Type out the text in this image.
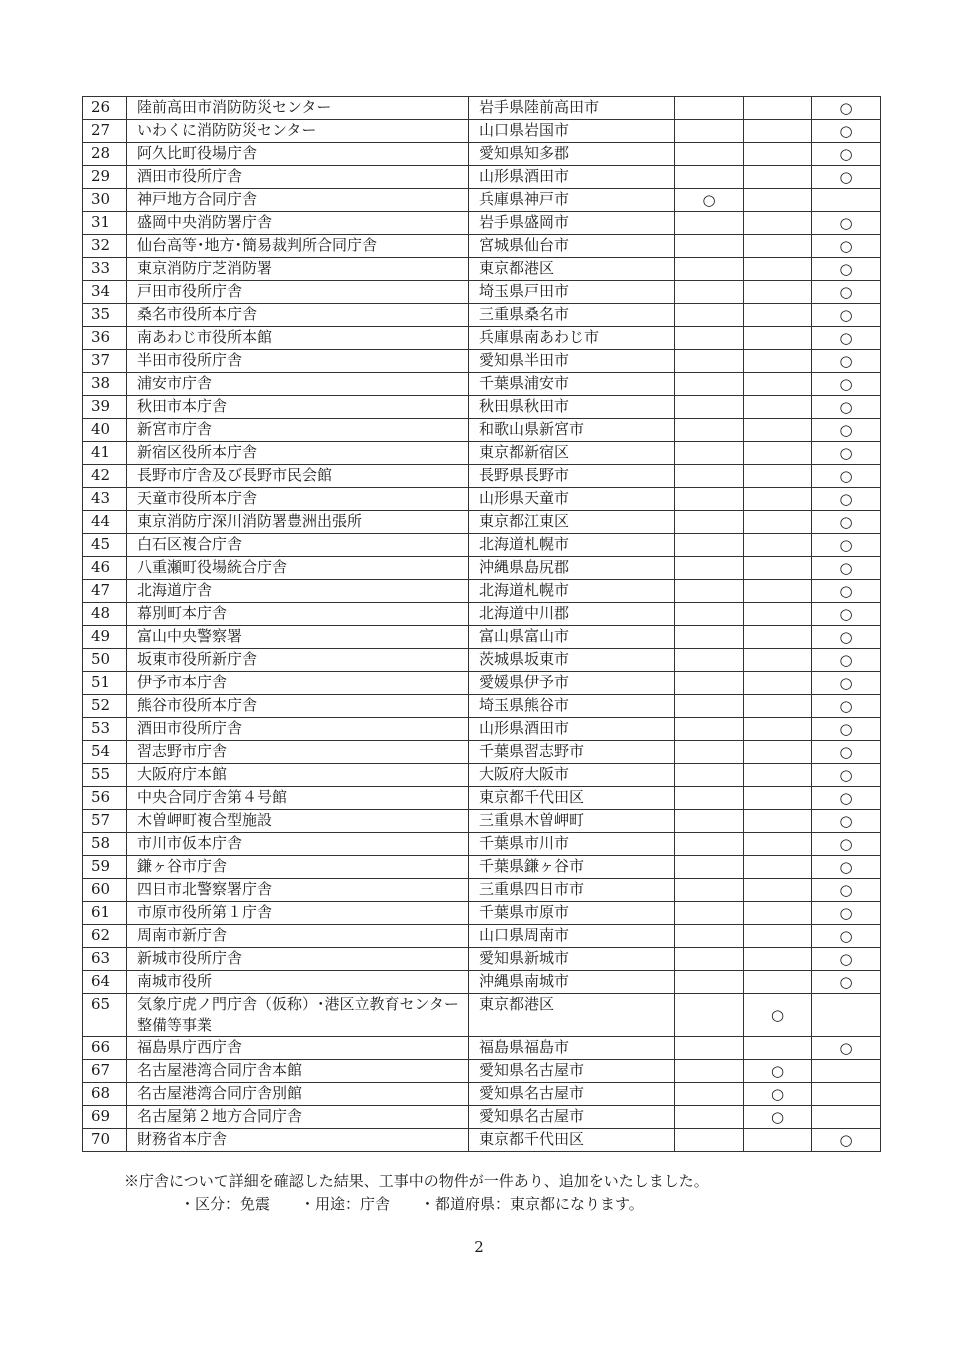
26	陸前高田市消防防災センター	岩手県陸前高田市			○
27	いわくに消防防災センター	山口県岩国市			○
28	阿久比町役場庁舎	愛知県知多郡			○
29	酒田市役所庁舎	山形県酒田市			○
30	神戸地方合同庁舎	兵庫県神戸市	○		
31	盛岡中央消防署庁舎	岩手県盛岡市			○
32	仙台高等･地方･簡易裁判所合同庁舎	宮城県仙台市			○
33	東京消防庁芝消防署	東京都港区			○
34	戸田市役所庁舎	埼玉県戸田市			○
35	桑名市役所本庁舎	三重県桑名市			○
36	南あわじ市役所本館	兵庫県南あわじ市			○
37	半田市役所庁舎	愛知県半田市			○
38	浦安市庁舎	千葉県浦安市			○
39	秋田市本庁舎	秋田県秋田市			○
40	新宮市庁舎	和歌山県新宮市			○
41	新宿区役所本庁舎	東京都新宿区			○
42	長野市庁舎及び長野市民会館	長野県長野市			○
43	天童市役所本庁舎	山形県天童市			○
44	東京消防庁深川消防署豊洲出張所	東京都江東区			○
45	白石区複合庁舎	北海道札幌市			○
46	八重瀬町役場統合庁舎	沖縄県島尻郡			○
47	北海道庁舎	北海道札幌市			○
48	幕別町本庁舎	北海道中川郡			○
49	富山中央警察署	富山県富山市			○
50	坂東市役所新庁舎	茨城県坂東市			○
51	伊予市本庁舎	愛媛県伊予市			○
52	熊谷市役所本庁舎	埼玉県熊谷市			○
53	酒田市役所庁舎	山形県酒田市			○
54	習志野市庁舎	千葉県習志野市			○
55	大阪府庁本館	大阪府大阪市			○
56	中央合同庁舎第４号館	東京都千代田区			○
57	木曽岬町複合型施設	三重県木曽岬町			○
58	市川市仮本庁舎	千葉県市川市			○
59	鎌ヶ谷市庁舎	千葉県鎌ヶ谷市			○
60	四日市北警察署庁舎	三重県四日市市			○
61	市原市役所第１庁舎	千葉県市原市			○
62	周南市新庁舎	山口県周南市			○
63	新城市役所庁舎	愛知県新城市			○
64	南城市役所	沖縄県南城市			○
65	気象庁虎ノ門庁舎（仮称）･港区立教育センター整備等事業	東京都港区		○	
66	福島県庁西庁舎	福島県福島市			○
67	名古屋港湾合同庁舎本館	愛知県名古屋市		○	
68	名古屋港湾合同庁舎別館	愛知県名古屋市		○	
69	名古屋第２地方合同庁舎	愛知県名古屋市		○	
70	財務省本庁舎	東京都千代田区			○
※庁舎について詳細を確認した結果、工事中の物件が一件あり、追加をいたしました。
・区分：免震　　・用途：庁舎　　・都道府県：東京都になります。
2
